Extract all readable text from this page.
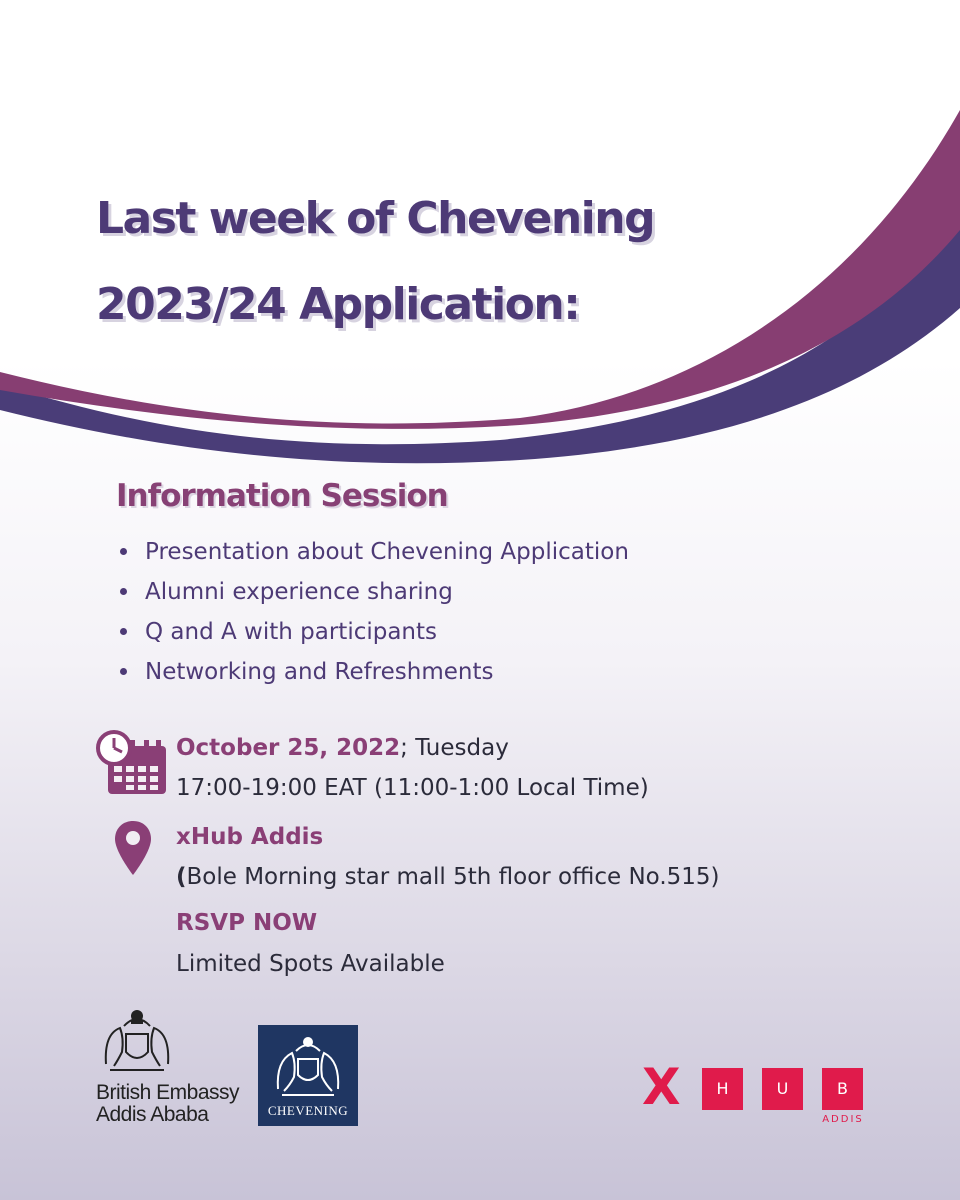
Last week of Chevening
2023/24 Application:
Information Session
Presentation about Chevening Application
Alumni experience sharing
Q and A with participants
Networking and Refreshments
October 25, 2022; Tuesday
17:00-19:00 EAT (11:00-1:00 Local Time)
xHub Addis
(Bole Morning star mall 5th floor office No.515)
RSVP NOW
Limited Spots Available
British Embassy
Addis Ababa	CHEVENING	X	H	U	B
ADDIS
